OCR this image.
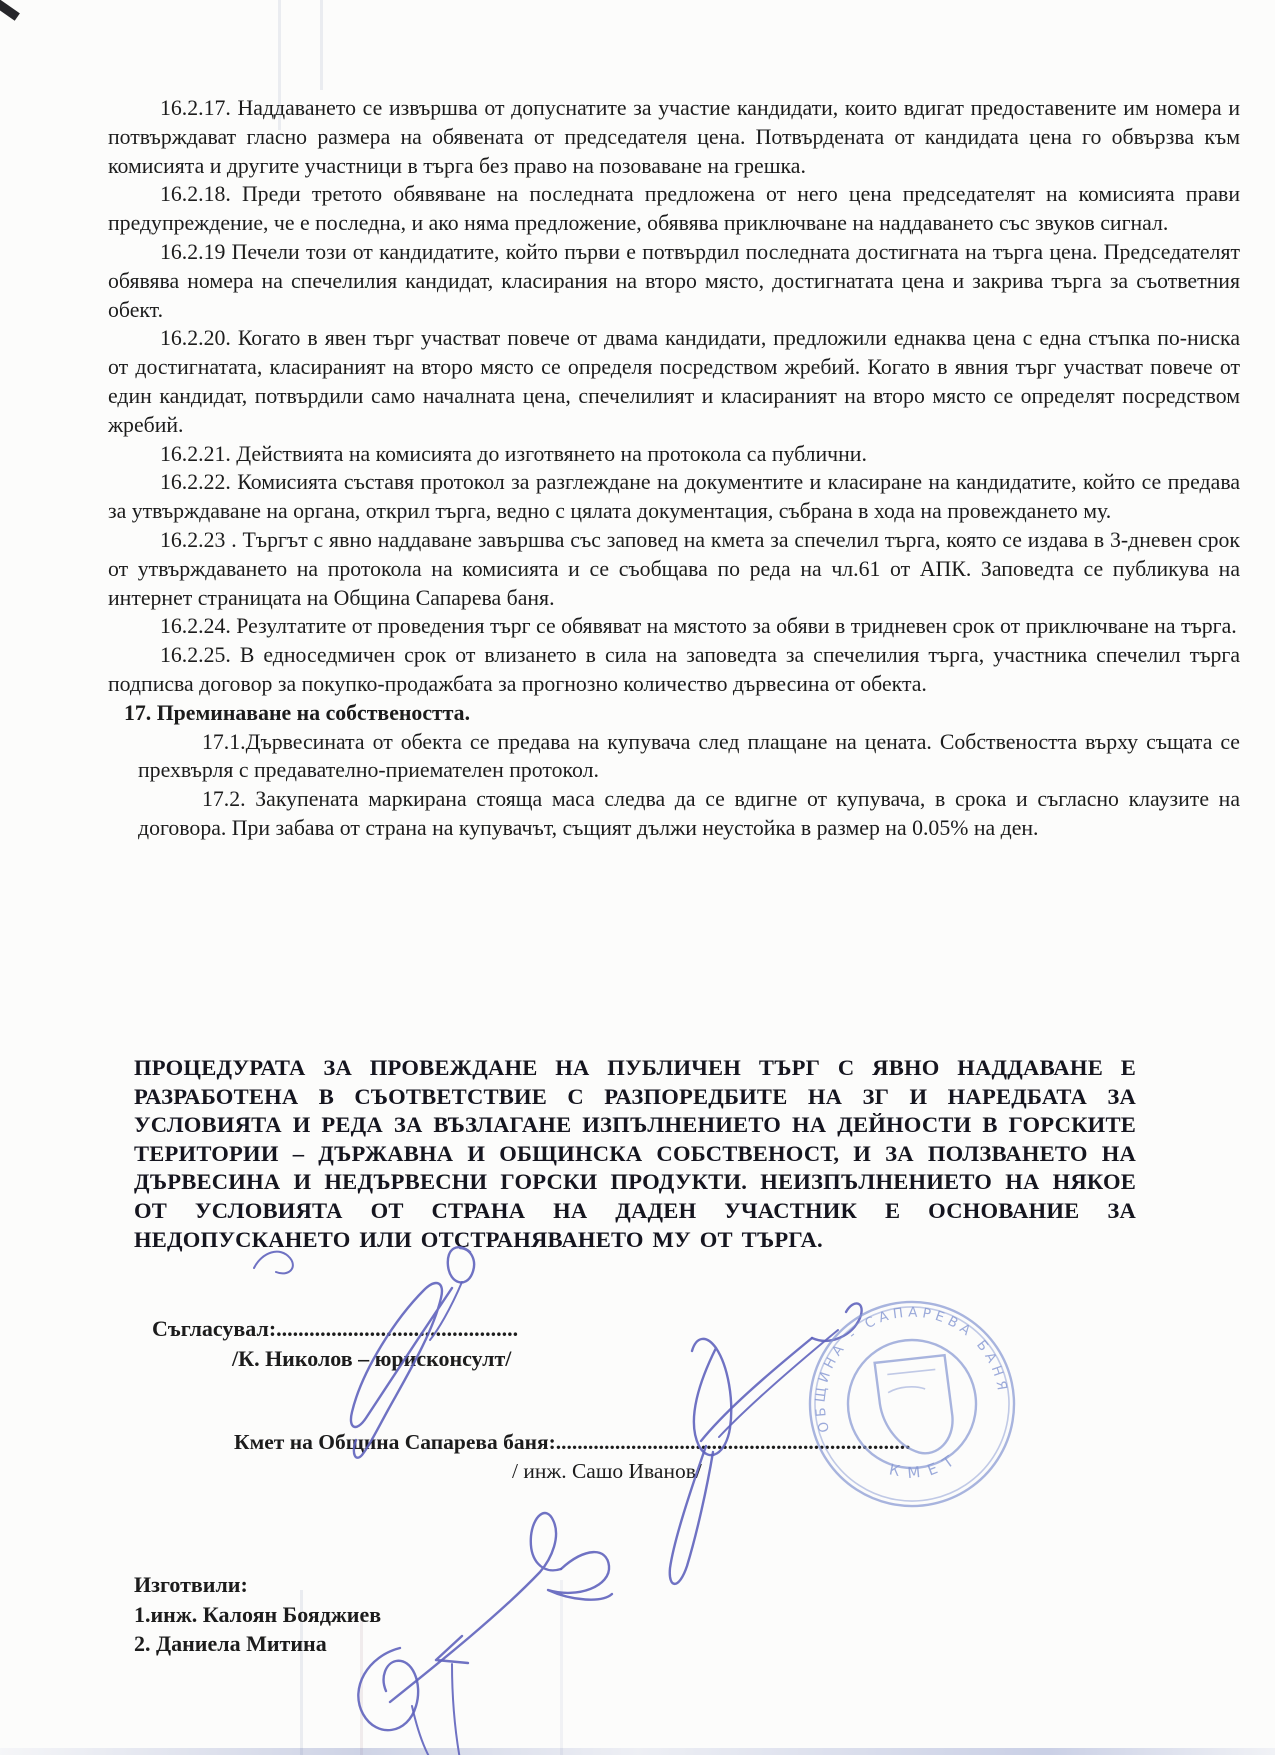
16.2.17. Наддаването се извършва от допуснатите за участие кандидати, които вдигат предоставените им номера и потвърждават гласно размера на обявената от председателя цена. Потвърдената от кандидата цена го обвързва към комисията и другите участници в търга без право на позоваване на грешка.

16.2.18. Преди третото обявяване на последната предложена от него цена председателят на комисията прави предупреждение, че е последна, и ако няма предложение, обявява приключване на наддаването със звуков сигнал.

16.2.19 Печели този от кандидатите, който първи е потвърдил последната достигната на търга цена. Председателят обявява номера на спечелилия кандидат, класирания на второ място, достигнатата цена и закрива търга за съответния обект.

16.2.20. Когато в явен търг участват повече от двама кандидати, предложили еднаква цена с една стъпка по-ниска от достигнатата, класираният на второ място се определя посредством жребий. Когато в явния търг участват повече от един кандидат, потвърдили само началната цена, спечелилият и класираният на второ място се определят посредством жребий.

16.2.21. Действията на комисията до изготвянето на протокола са публични.

16.2.22. Комисията съставя протокол за разглеждане на документите и класиране на кандидатите, който се предава за утвърждаване на органа, открил търга, ведно с цялата документация, събрана в хода на провеждането му.

16.2.23 . Търгът с явно наддаване завършва със заповед на кмета за спечелил търга, която се издава в 3-дневен срок от утвърждаването на протокола на комисията и се съобщава по реда на чл.61 от АПК. Заповедта се публикува на интернет страницата на Община Сапарева баня.

16.2.24. Резултатите от проведения търг се обявяват на мястото за обяви в тридневен срок от приключване на търга.

16.2.25. В едноседмичен срок от влизането в сила на заповедта за спечелилия търга, участника спечелил търга подписва договор за покупко-продажбата за прогнозно количество дървесина от обекта.

17. Преминаване на собствеността.

17.1.Дървесината от обекта се предава на купувача след плащане на цената. Собствеността върху същата се прехвърля с предавателно-приемателен протокол.

17.2. Закупената маркирана стояща маса следва да се вдигне от купувача, в срока и съгласно клаузите на договора. При забава от страна на купувачът, същият дължи неустойка в размер на 0.05% на ден.

ПРОЦЕДУРАТА ЗА ПРОВЕЖДАНЕ НА ПУБЛИЧЕН ТЪРГ С ЯВНО НАДДАВАНЕ Е РАЗРАБОТЕНА В СЪОТВЕТСТВИЕ С РАЗПОРЕДБИТЕ НА ЗГ И НАРЕДБАТА ЗА УСЛОВИЯТА И РЕДА ЗА ВЪЗЛАГАНЕ ИЗПЪЛНЕНИЕТО НА ДЕЙНОСТИ В ГОРСКИТЕ ТЕРИТОРИИ – ДЪРЖАВНА И ОБЩИНСКА СОБСТВЕНОСТ, И ЗА ПОЛЗВАНЕТО НА ДЪРВЕСИНА И НЕДЪРВЕСНИ ГОРСКИ ПРОДУКТИ. НЕИЗПЪЛНЕНИЕТО НА НЯКОЕ ОТ УСЛОВИЯТА ОТ СТРАНА НА ДАДЕН УЧАСТНИК Е ОСНОВАНИЕ ЗА НЕДОПУСКАНЕТО ИЛИ ОТСТРАНЯВАНЕТО МУ ОТ ТЪРГА.
Съгласувал:............................................
/К. Николов – юрисконсулт/
Кмет на Община Сапарева баня:..................................................................
/ инж. Сашо Иванов/

Изготвили:

1.инж. Калоян Бояджиев

2. Даниела Митина

ОБЩИНА - САПАРЕВА БАНЯ
КМЕТ
